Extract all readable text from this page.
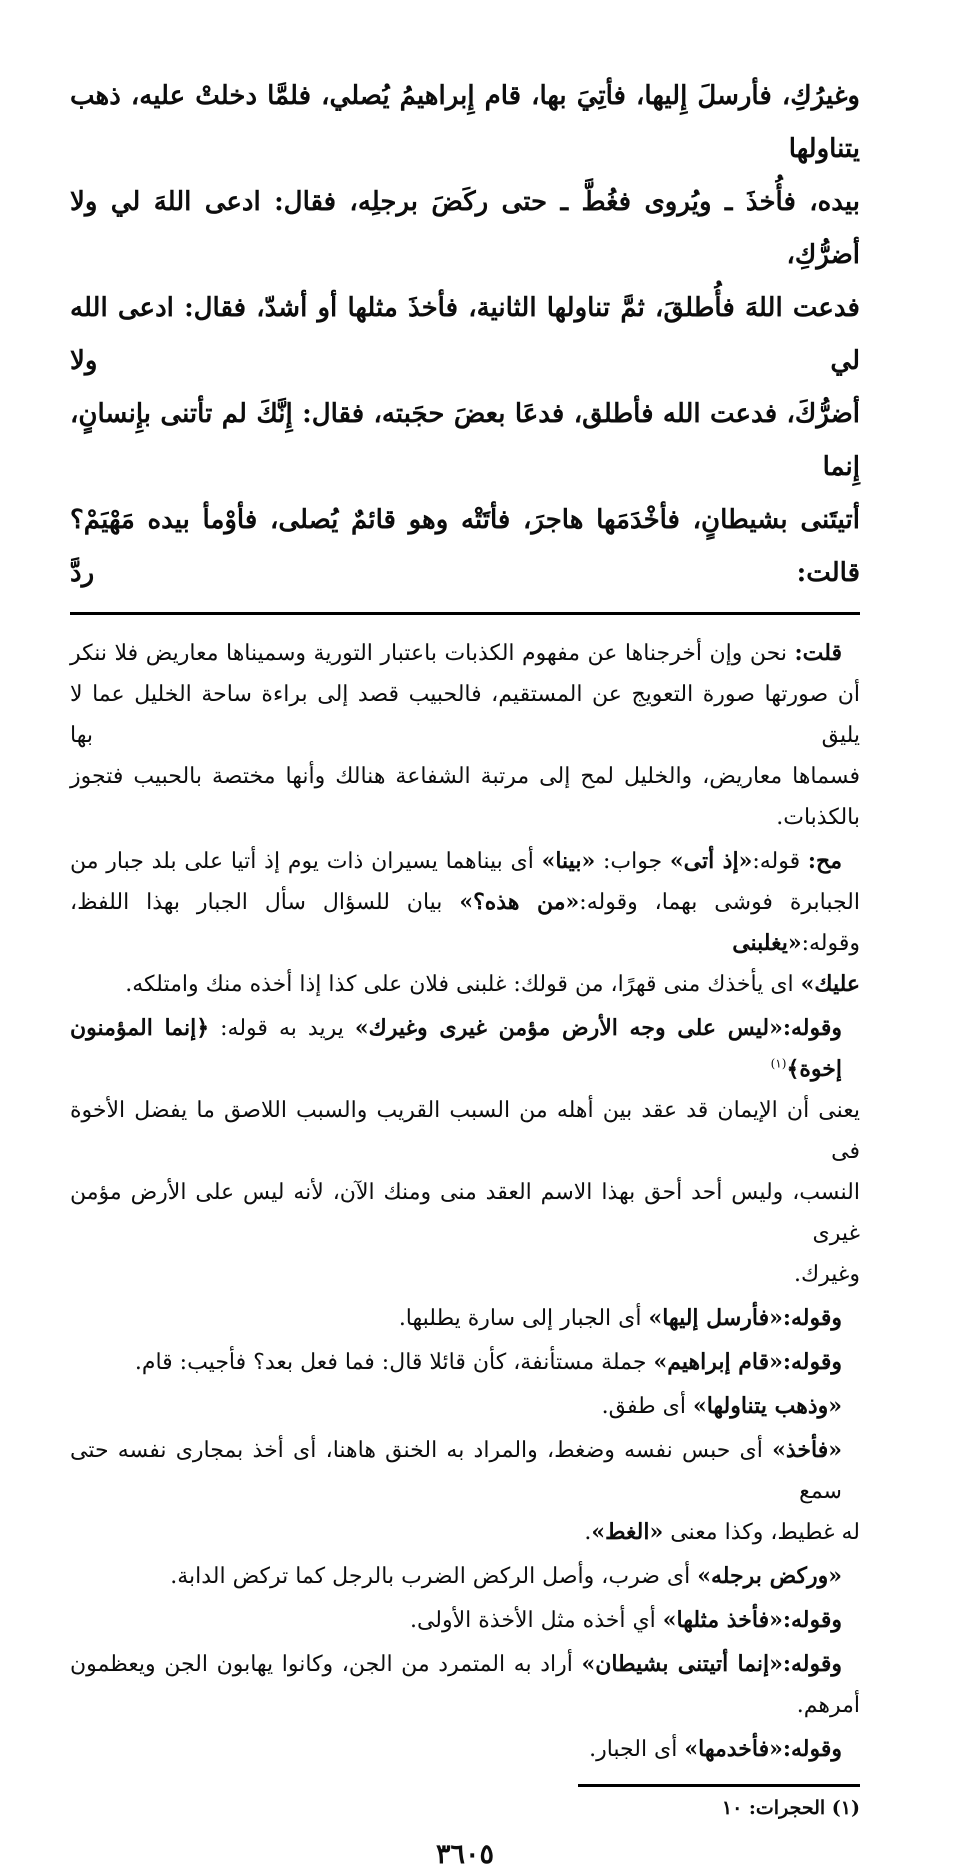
وغيرُكِ، فأرسلَ إِليها، فأتِيَ بها، قام إِبراهيمُ يُصلي، فلمَّا دخلتْ عليه، ذهب يتناولها
بيده، فأُخذَ ـ ويُروى فغُطَّ ـ حتى ركَضَ برجلِه، فقال: ادعى اللهَ لي ولا أضرُّكِ،
فدعت اللهَ فأُطلقَ، ثمَّ تناولها الثانية، فأخذَ مثلها أو أشدّ، فقال: ادعى الله لي ولا
أضرُّكَ، فدعت الله فأطلق، فدعَا بعضَ حجَبته، فقال: إِنَّكَ لم تأتنى بإِنسانٍ، إِنما
أتيتَنى بشيطانٍ، فأخْدَمَها هاجرَ، فأتَتْه وهو قائمٌ يُصلى، فأوْمأ بيده مَهْيَمْ؟ قالت: ردَّ
قلت: نحن وإن أخرجناها عن مفهوم الكذبات باعتبار التورية وسميناها معاريض فلا ننكر
أن صورتها صورة التعويج عن المستقيم، فالحبيب قصد إلى براءة ساحة الخليل عما لا يليق بها
فسماها معاريض، والخليل لمح إلى مرتبة الشفاعة هنالك وأنها مختصة بالحبيب فتجوز
بالكذبات.
مح: قوله:«إذ أتى» جواب: «بينا» أى بيناهما يسيران ذات يوم إذ أتيا على بلد جبار من
الجبابرة فوشى بهما، وقوله:«من هذه؟» بيان للسؤال سأل الجبار بهذا اللفظ، وقوله:«يغلبنى
عليك» اى يأخذك منى قهرًا، من قولك: غلبنى فلان على كذا إذا أخذه منك وامتلكه.
وقوله:«ليس على وجه الأرض مؤمن غيرى وغيرك» يريد به قوله: ﴿إنما المؤمنون إخوة﴾$^{(١)}$
يعنى أن الإيمان قد عقد بين أهله من السبب القريب والسبب اللاصق ما يفضل الأخوة فى
النسب، وليس أحد أحق بهذا الاسم العقد منى ومنك الآن، لأنه ليس على الأرض مؤمن غيرى
وغيرك.
وقوله:«فأرسل إليها» أى الجبار إلى سارة يطلبها.
وقوله:«قام إبراهيم» جملة مستأنفة، كأن قائلا قال: فما فعل بعد؟ فأجيب: قام.
«وذهب يتناولها» أى طفق.
«فأخذ» أى حبس نفسه وضغط، والمراد به الخنق هاهنا، أى أخذ بمجارى نفسه حتى سمع
له غطيط، وكذا معنى «الغط».
«وركض برجله» أى ضرب، وأصل الركض الضرب بالرجل كما تركض الدابة.
وقوله:«فأخذ مثلها» أي أخذه مثل الأخذة الأولى.
وقوله:«إنما أتيتنى بشيطان» أراد به المتمرد من الجن، وكانوا يهابون الجن ويعظمون
أمرهم.
وقوله:«فأخدمها» أى الجبار.
(١) الحجرات: ١٠
٣٦٠٥
